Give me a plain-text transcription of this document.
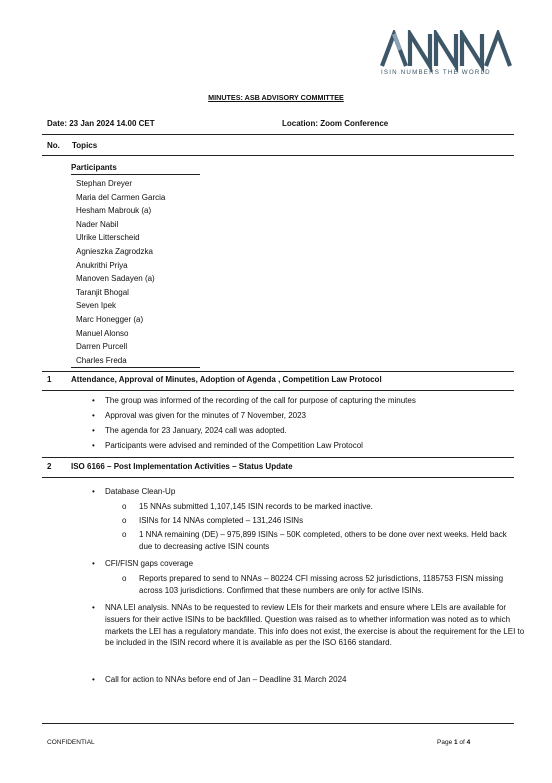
ISIN NUMBERS THE WORLD
MINUTES: ASB ADVISORY COMMITTEE
Date: 23 Jan 2024 14.00 CET	Location: Zoom Conference
No. Topics
Participants
Stephan Dreyer
Maria del Carmen Garcia
Hesham Mabrouk (a)
Nader Nabil
Ulrike Litterscheid
Agnieszka Zagrodzka
Anukrithi Priya
Manoven Sadayen (a)
Taranjit Bhogal
Seven Ipek
Marc Honegger (a)
Manuel Alonso
Darren Purcell
Charles Freda
1 Attendance, Approval of Minutes, Adoption of Agenda , Competition Law Protocol
• The group was informed of the recording of the call for purpose of capturing the minutes
• Approval was given for the minutes of 7 November, 2023
• The agenda for 23 January, 2024 call was adopted.
• Participants were advised and reminded of the Competition Law Protocol
2 ISO 6166 – Post Implementation Activities – Status Update
• Database Clean-Up
o 15 NNAs submitted 1,107,145 ISIN records to be marked inactive.
o ISINs for 14 NNAs completed – 131,246 ISINs
o 1 NNA remaining (DE) – 975,899 ISINs – 50K completed, others to be done over next weeks. Held back due to decreasing active ISIN counts
• CFI/FISN gaps coverage
o Reports prepared to send to NNAs – 80224 CFI missing across 52 jurisdictions, 1185753 FISN missing across 103 jurisdictions. Confirmed that these numbers are only for active ISINs.
• NNA LEI analysis. NNAs to be requested to review LEIs for their markets and ensure where LEIs are available for issuers for their active ISINs to be backfilled. Question was raised as to whether information was noted as to which markets the LEI has a regulatory mandate. This info does not exist, the exercise is about the requirement for the LEI to be included in the ISIN record where it is available as per the ISO 6166 standard.
• Call for action to NNAs before end of Jan – Deadline 31 March 2024
CONFIDENTIAL	Page 1 of 4
